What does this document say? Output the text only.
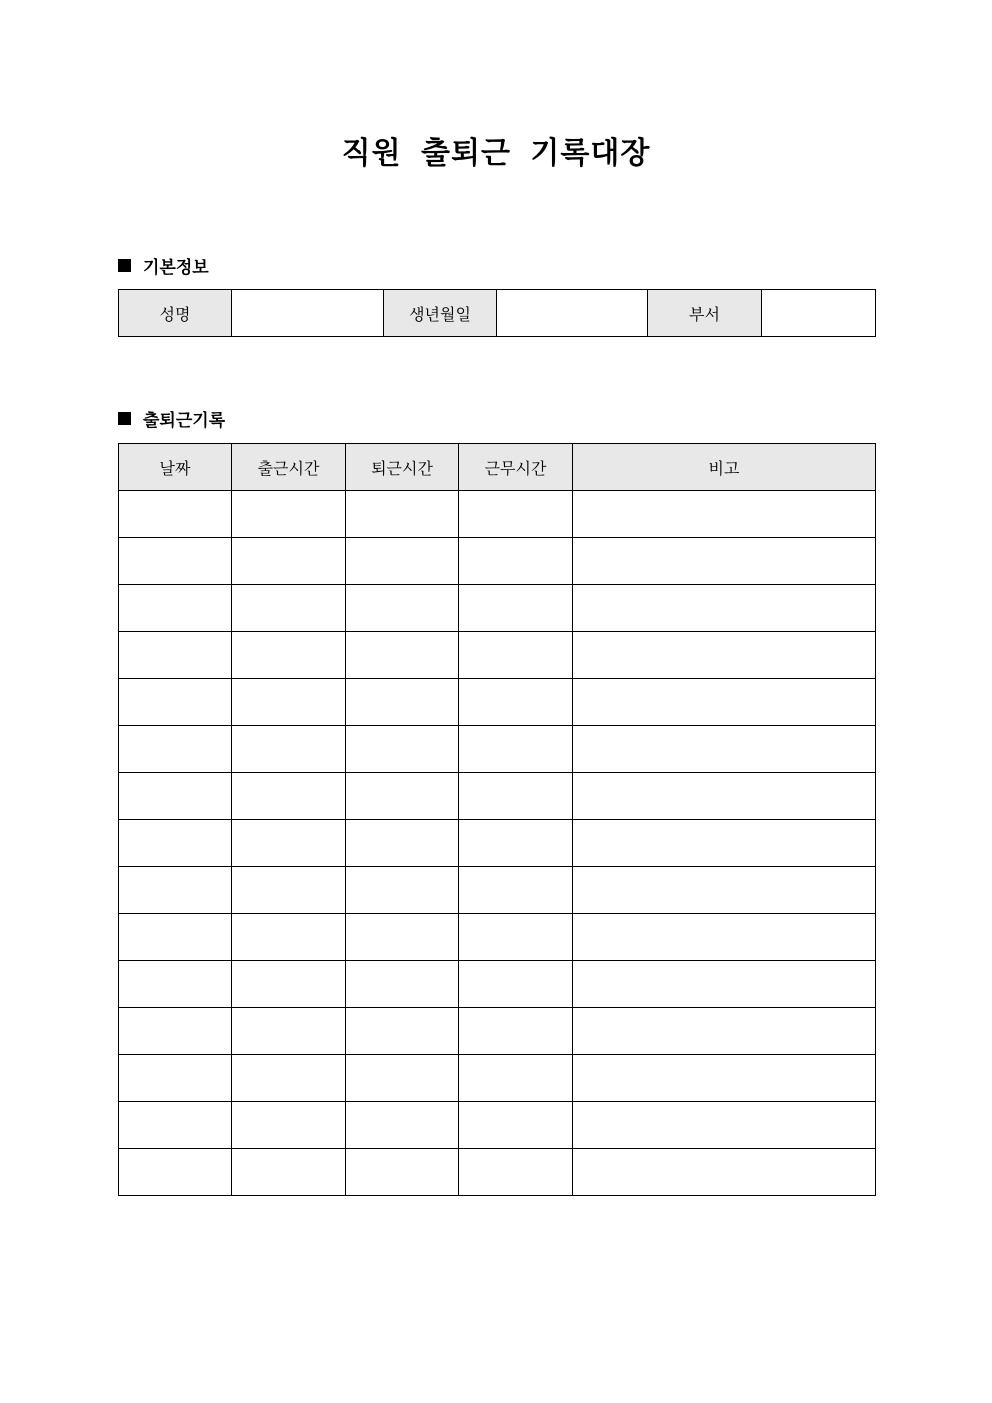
직원 출퇴근 기록대장
기본정보
성명		생년월일		부서	
출퇴근기록
날짜	출근시간	퇴근시간	근무시간	비고
